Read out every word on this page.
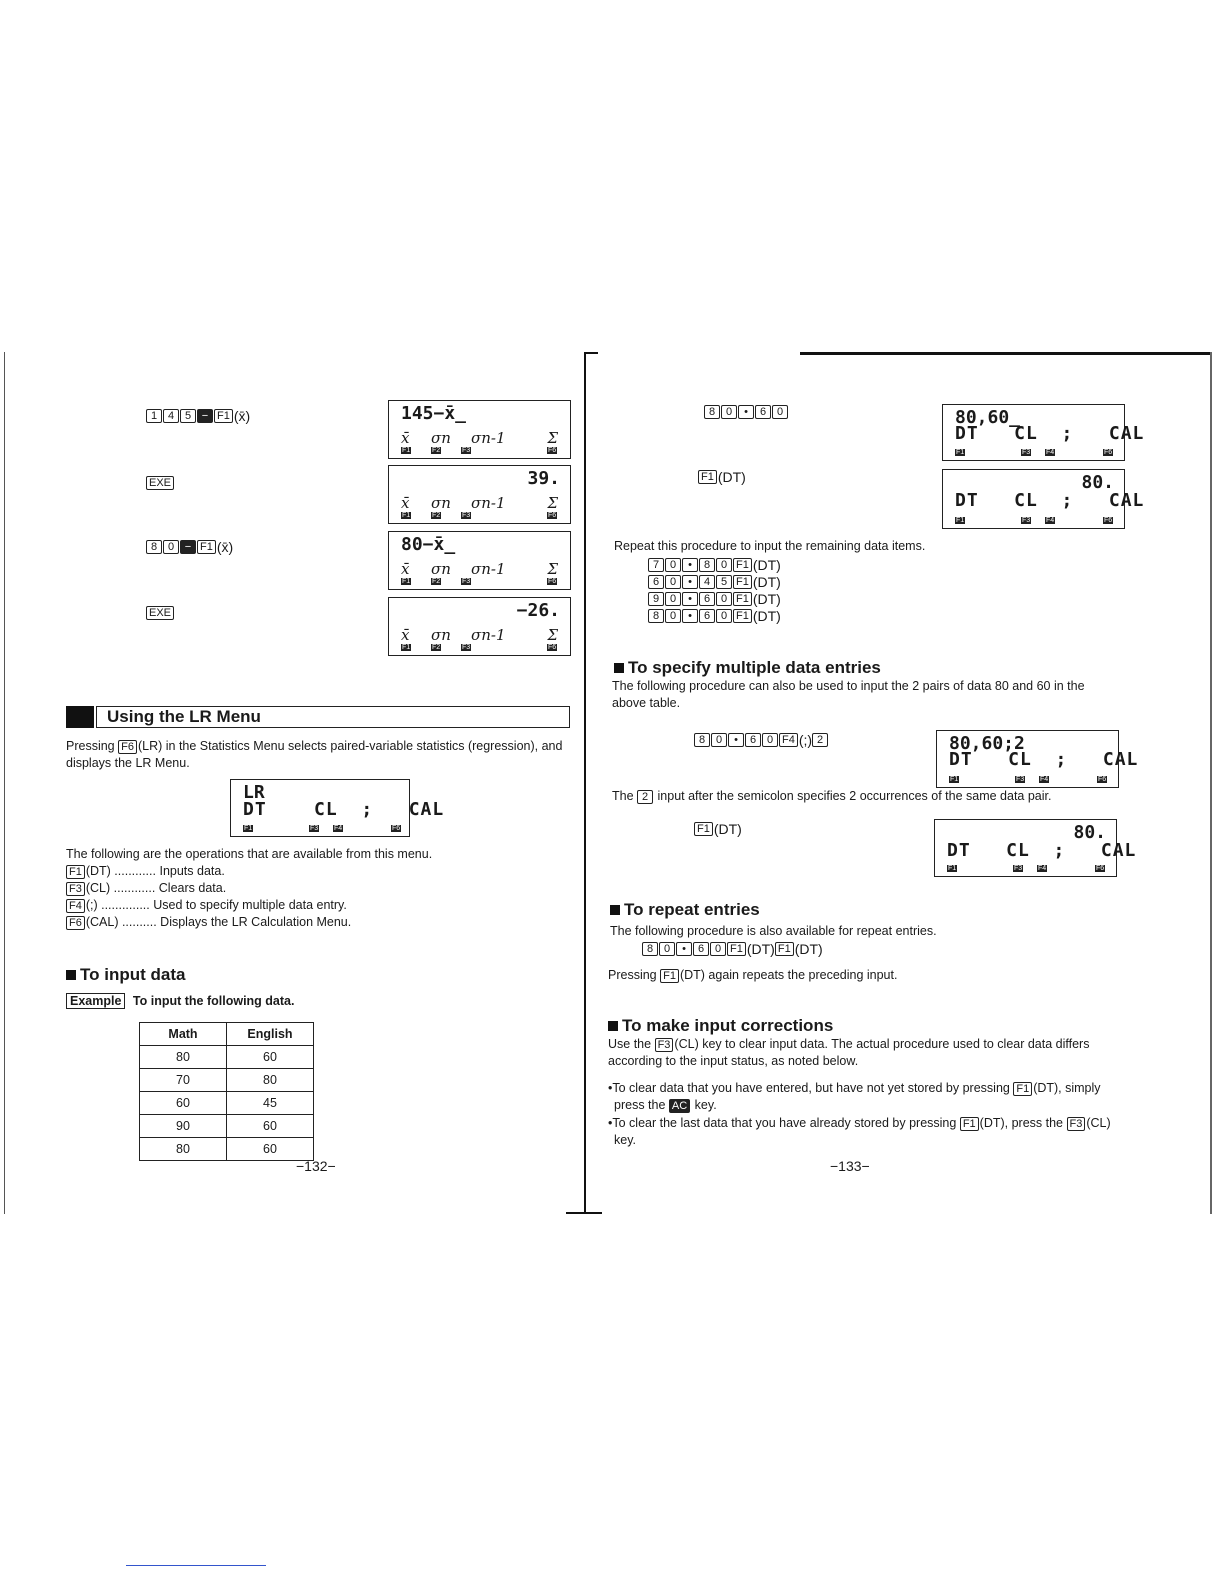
1 4 5 − F1 (x̄)
EXE
8 0 − F1 (x̄)
EXE
145−x̄_
x̄ σn σn-1	Σ
F1	F2	F3	F6
39.
x̄ σn σn-1	Σ
F1	F2	F3	F6
80−x̄_
x̄ σn σn-1	Σ
F1	F2	F3	F6
−26.
x̄ σn σn-1	Σ
F1	F2	F3	F6
Using the LR Menu
Pressing F6 (LR) in the Statistics Menu selects paired-variable statistics (regression), and
displays the LR Menu.
LR
DT    CL  ;   CAL
F1	F3 F4	F6
The following are the operations that are available from this menu.
F1 (DT) ............ Inputs data.
F3 (CL) ............ Clears data.
F4 (;) .............. Used to specify multiple data entry.
F6 (CAL) .......... Displays the LR Calculation Menu.
To input data
Example To input the following data.
Math	English
80	60
70	80
60	45
90	60
80	60
−132−
8 0 • 6 0
F1 (DT)
80,60_
DT   CL  ;   CAL
F1	F3 F4	F6
80.
DT   CL  ;   CAL
F1	F3 F4	F6
Repeat this procedure to input the remaining data items.
7 0 • 8 0 F1 (DT)
6 0 • 4 5 F1 (DT)
9 0 • 6 0 F1 (DT)
8 0 • 6 0 F1 (DT)
To specify multiple data entries
The following procedure can also be used to input the 2 pairs of data 80 and 60 in the
above table.
8 0 • 6 0 F4 (;) 2	80,60;2
DT   CL  ;   CAL
F1	F3 F4	F6
The 2 input after the semicolon specifies 2 occurrences of the same data pair.
F1 (DT)	80.
DT   CL  ;   CAL
F1	F3 F4	F6
To repeat entries
The following procedure is also available for repeat entries.
8 0 • 6 0 F1 (DT) F1 (DT)
Pressing F1 (DT) again repeats the preceding input.
To make input corrections
Use the F3 (CL) key to clear input data. The actual procedure used to clear data differs
according to the input status, as noted below.
•To clear data that you have entered, but have not yet stored by pressing F1 (DT), simply
press the AC key.
•To clear the last data that you have already stored by pressing F1 (DT), press the F3 (CL)
key.
−133−
